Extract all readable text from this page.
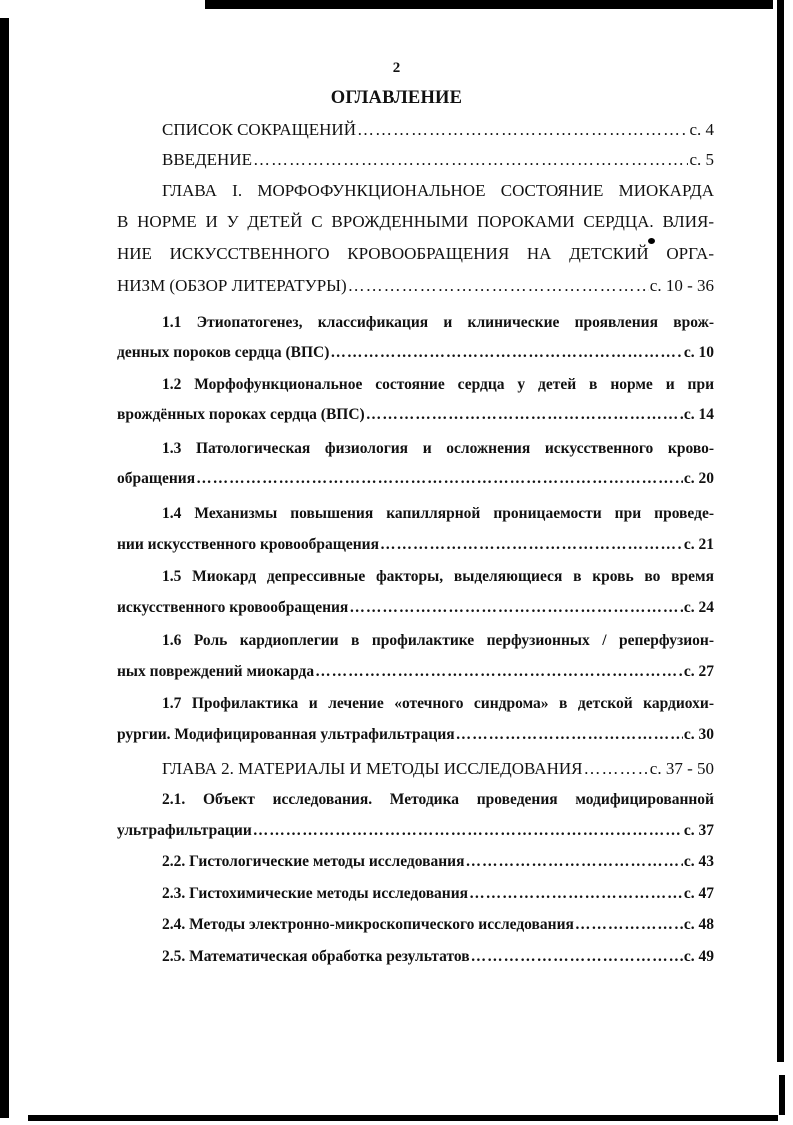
2
ОГЛАВЛЕНИЕ
СПИСОК СОКРАЩЕНИЙ ………………………………………………………………………………………………………………………………………………	с. 4
ВВЕДЕНИЕ ………………………………………………………………………………………………………………………………………………	с. 5
ГЛАВА I. МОРФОФУНКЦИОНАЛЬНОЕ СОСТОЯНИЕ МИОКАРДА
В НОРМЕ И У ДЕТЕЙ С ВРОЖДЕННЫМИ ПОРОКАМИ СЕРДЦА. ВЛИЯ-
НИЕ ИСКУССТВЕННОГО КРОВООБРАЩЕНИЯ НА ДЕТСКИЙ ОРГА-
НИЗМ (ОБЗОР ЛИТЕРАТУРЫ) ………………………………………………………………………………………………………………………………………………	с. 10 - 36
1.1 Этиопатогенез, классификация и клинические проявления врож-
денных пороков сердца (ВПС) ………………………………………………………………………………………………………………………………………………	с. 10
1.2 Морфофункциональное состояние сердца у детей в норме и при
врождённых пороках сердца (ВПС) ………………………………………………………………………………………………………………………………………………	с. 14
1.3 Патологическая физиология и осложнения искусственного крово-
обращения ………………………………………………………………………………………………………………………………………………	с. 20
1.4 Механизмы повышения капиллярной проницаемости при проведе-
нии искусственного кровообращения ………………………………………………………………………………………………………………………………………………	с. 21
1.5 Миокард депрессивные факторы, выделяющиеся в кровь во время
искусственного кровообращения ………………………………………………………………………………………………………………………………………………	с. 24
1.6 Роль кардиоплегии в профилактике перфузионных / реперфузион-
ных повреждений миокарда ………………………………………………………………………………………………………………………………………………	с. 27
1.7 Профилактика и лечение «отечного синдрома» в детской кардиохи-
рургии. Модифицированная ультрафильтрация ………………………………………………………………………………………………………………………………………………	с. 30
ГЛАВА 2. МАТЕРИАЛЫ И МЕТОДЫ ИССЛЕДОВАНИЯ ………………………………………………………………………………………………………………………………………………	с. 37 - 50
2.1. Объект исследования. Методика проведения модифицированной
ультрафильтрации ………………………………………………………………………………………………………………………………………………	с. 37
2.2. Гистологические методы исследования ………………………………………………………………………………………………………………………………………………	с. 43
2.3. Гистохимические методы исследования ………………………………………………………………………………………………………………………………………………	с. 47
2.4. Методы электронно-микроскопического исследования ………………………………………………………………………………………………………………………………………………	с. 48
2.5. Математическая обработка результатов ………………………………………………………………………………………………………………………………………………	с. 49
